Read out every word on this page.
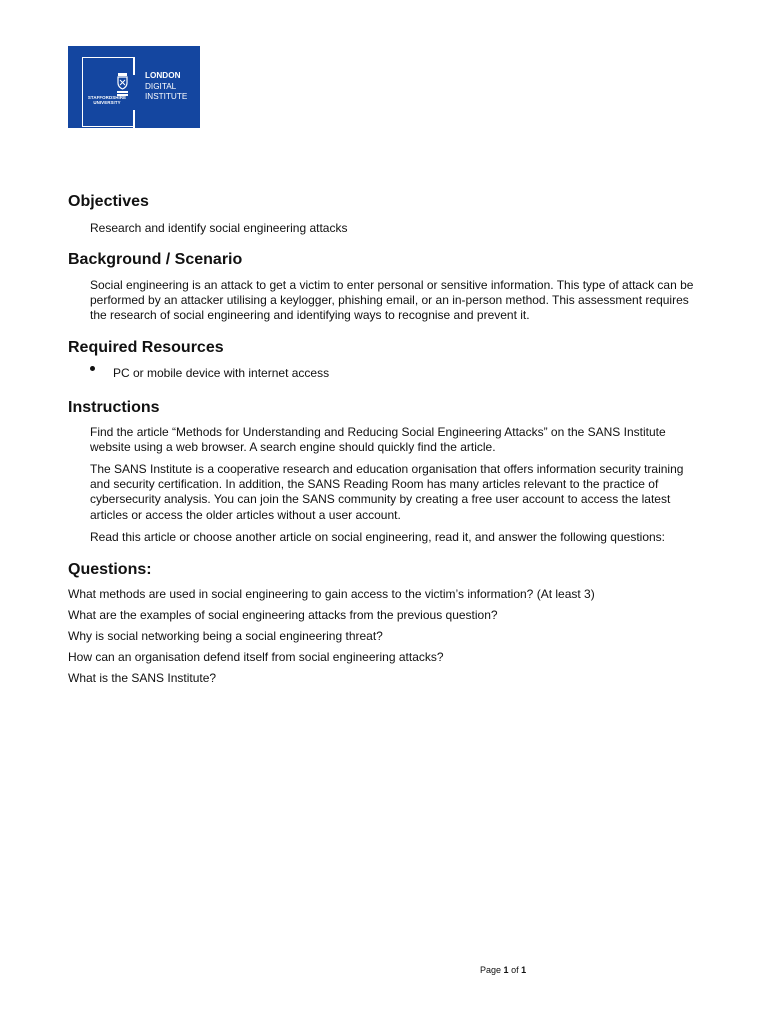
STAFFORDSHIRE
UNIVERSITY
LONDON
DIGITAL
INSTITUTE
Objectives

Research and identify social engineering attacks

Background / Scenario

Social engineering is an attack to get a victim to enter personal or sensitive information. This type of attack can be performed by an attacker utilising a keylogger, phishing email, or an in-person method. This assessment requires the research of social engineering and identifying ways to recognise and prevent it.

Required Resources

PC or mobile device with internet access

Instructions

Find the article “Methods for Understanding and Reducing Social Engineering Attacks” on the SANS Institute website using a web browser. A search engine should quickly find the article.

The SANS Institute is a cooperative research and education organisation that offers information security training and security certification. In addition, the SANS Reading Room has many articles relevant to the practice of cybersecurity analysis. You can join the SANS community by creating a free user account to access the latest articles or access the older articles without a user account.

Read this article or choose another article on social engineering, read it, and answer the following questions:

Questions:

What methods are used in social engineering to gain access to the victim’s information? (At least 3)

What are the examples of social engineering attacks from the previous question?

Why is social networking being a social engineering threat?

How can an organisation defend itself from social engineering attacks?

What is the SANS Institute?

Page 1 of 1
